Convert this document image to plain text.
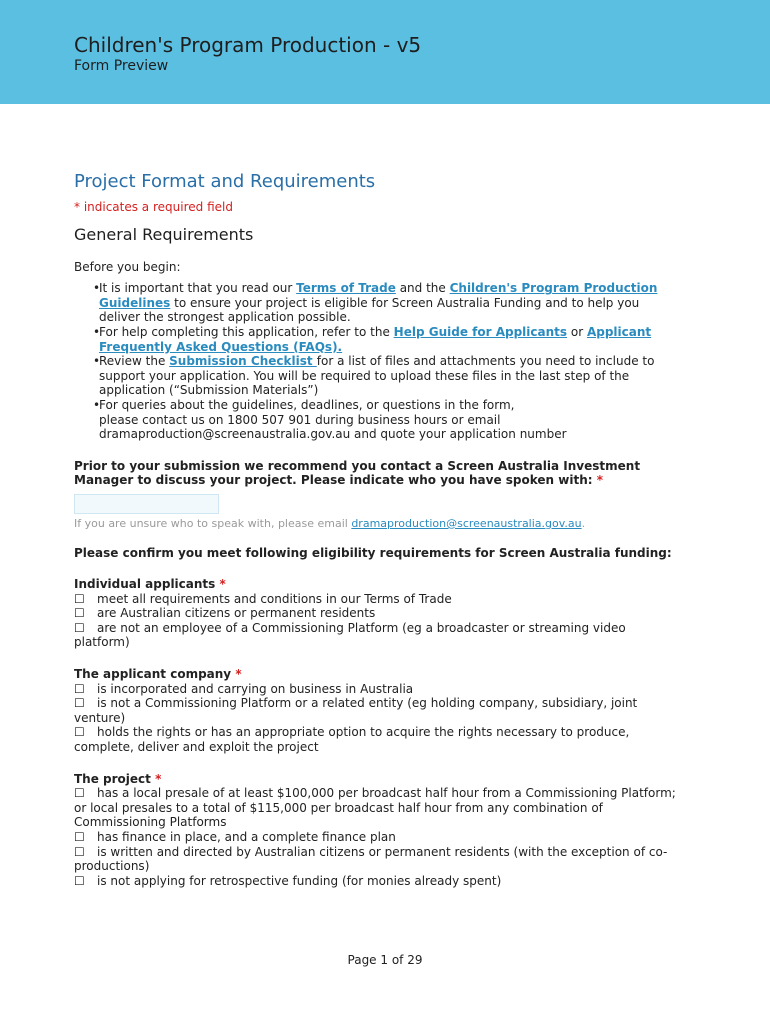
Children's Program Production - v5
Form Preview
Project Format and Requirements
* indicates a required field
General Requirements
Before you begin:
•
It is important that you read our Terms of Trade and the Children's Program Production Guidelines to ensure your project is eligible for Screen Australia Funding and to help you deliver the strongest application possible.
•
For help completing this application, refer to the Help Guide for Applicants or Applicant Frequently Asked Questions (FAQs).
•
Review the Submission Checklist for a list of files and attachments you need to include to support your application. You will be required to upload these files in the last step of the application (“Submission Materials”)
•
For queries about the guidelines, deadlines, or questions in the form,
please contact us on 1800 507 901 during business hours or email
dramaproduction@screenaustralia.gov.au and quote your application number
Prior to your submission we recommend you contact a Screen Australia Investment Manager to discuss your project. Please indicate who you have spoken with: *
If you are unsure who to speak with, please email dramaproduction@screenaustralia.gov.au.
Please confirm you meet following eligibility requirements for Screen Australia funding:
Individual applicants *
☐ meet all requirements and conditions in our Terms of Trade
☐ are Australian citizens or permanent residents
☐ are not an employee of a Commissioning Platform (eg a broadcaster or streaming video platform)
The applicant company *
☐ is incorporated and carrying on business in Australia
☐ is not a Commissioning Platform or a related entity (eg holding company, subsidiary, joint venture)
☐ holds the rights or has an appropriate option to acquire the rights necessary to produce, complete, deliver and exploit the project
The project *
☐ has a local presale of at least $100,000 per broadcast half hour from a Commissioning Platform; or local presales to a total of $115,000 per broadcast half hour from any combination of Commissioning Platforms
☐ has finance in place, and a complete finance plan
☐ is written and directed by Australian citizens or permanent residents (with the exception of co- productions)
☐ is not applying for retrospective funding (for monies already spent)
Page 1 of 29
